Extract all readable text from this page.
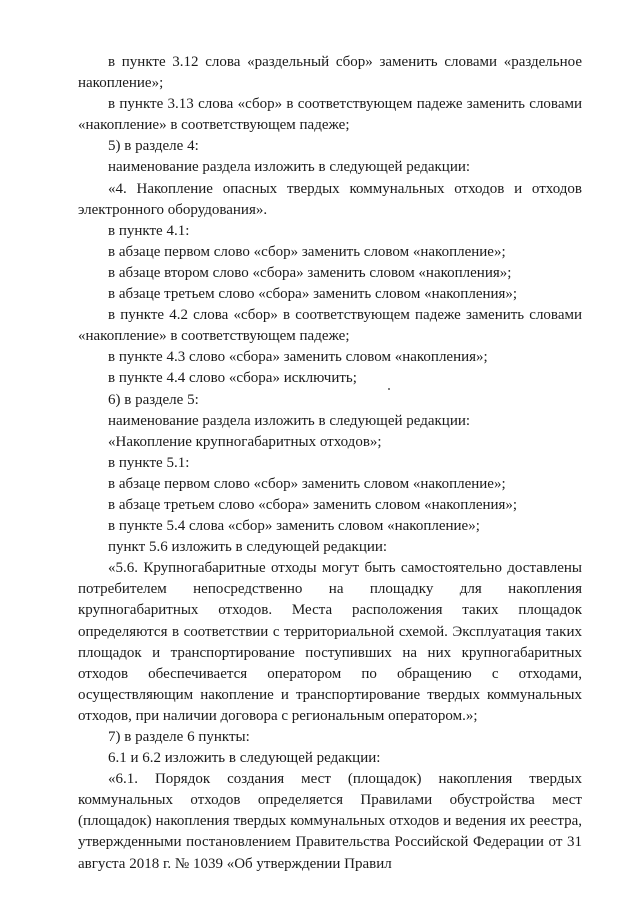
в пункте 3.12 слова «раздельный сбор» заменить словами «раздельное накопление»;

в пункте 3.13 слова «сбор» в соответствующем падеже заменить словами «накопление» в соответствующем падеже;

5) в разделе 4:

наименование раздела изложить в следующей редакции:

«4. Накопление опасных твердых коммунальных отходов и отходов электронного оборудования».

в пункте 4.1:

в абзаце первом слово «сбор» заменить словом «накопление»;

в абзаце втором слово «сбора» заменить словом «накопления»;

в абзаце третьем слово «сбора» заменить словом «накопления»;

в пункте 4.2 слова «сбор» в соответствующем падеже заменить словами «накопление» в соответствующем падеже;

в пункте 4.3 слово «сбора» заменить словом «накопления»;

в пункте 4.4 слово «сбора» исключить;

6) в разделе 5:

наименование раздела изложить в следующей редакции:

«Накопление крупногабаритных отходов»;

в пункте 5.1:

в абзаце первом слово «сбор» заменить словом «накопление»;

в абзаце третьем слово «сбора» заменить словом «накопления»;

в пункте 5.4 слова «сбор» заменить словом «накопление»;

пункт 5.6 изложить в следующей редакции:

«5.6. Крупногабаритные отходы могут быть самостоятельно доставлены потребителем непосредственно на площадку для накопления крупногабаритных отходов. Места расположения таких площадок определяются в соответствии с территориальной схемой. Эксплуатация таких площадок и транспортирование поступивших на них крупногабаритных отходов обеспечивается оператором по обращению с отходами, осуществляющим накопление и транспортирование твердых коммунальных отходов, при наличии договора с региональным оператором.»;

7) в разделе 6 пункты:

6.1 и 6.2 изложить в следующей редакции:

«6.1. Порядок создания мест (площадок) накопления твердых коммунальных отходов определяется Правилами обустройства мест (площадок) накопления твердых коммунальных отходов и ведения их реестра, утвержденными постановлением Правительства Российской Федерации от 31 августа 2018 г. № 1039 «Об утверждении Правил
